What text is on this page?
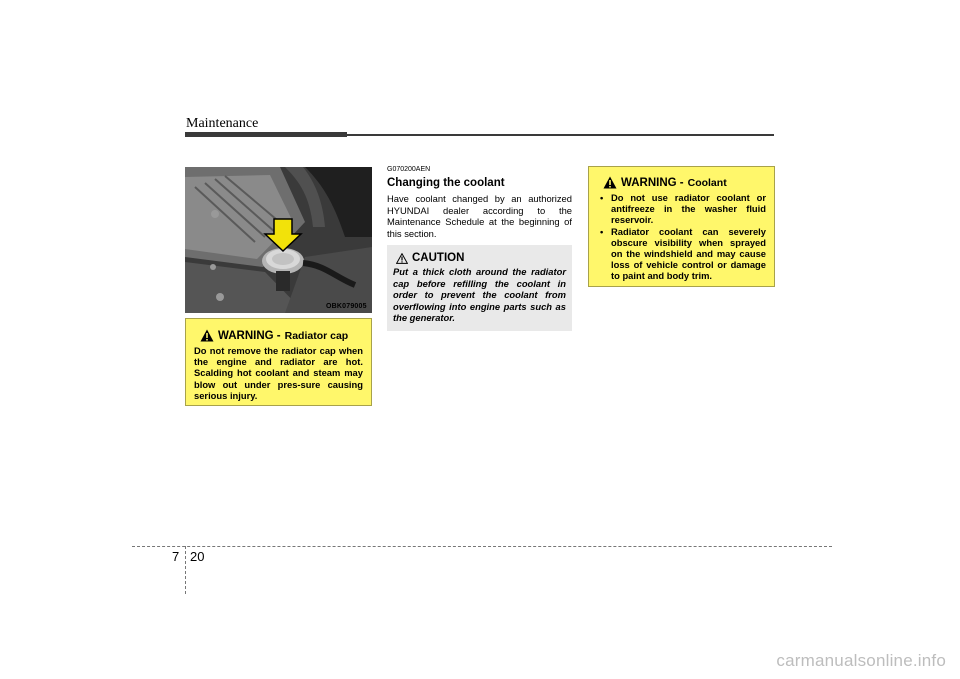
Maintenance
OBK079005
WARNING - Radiator cap
Do not remove the radiator cap when the engine and radiator are hot. Scalding hot coolant and steam may blow out under pres-sure causing serious injury.
G070200AEN
Changing the coolant
Have coolant changed by an authorized HYUNDAI dealer according to the Maintenance Schedule at the beginning of this section.
CAUTION
Put a thick cloth around the radiator cap before refilling the coolant in order to prevent the coolant from overflowing into engine parts such as the generator.
WARNING - Coolant
• Do not use radiator coolant or antifreeze in the washer fluid reservoir.
• Radiator coolant can severely obscure visibility when sprayed on the windshield and may cause loss of vehicle control or damage to paint and body trim.
7 20
carmanualsonline.info
